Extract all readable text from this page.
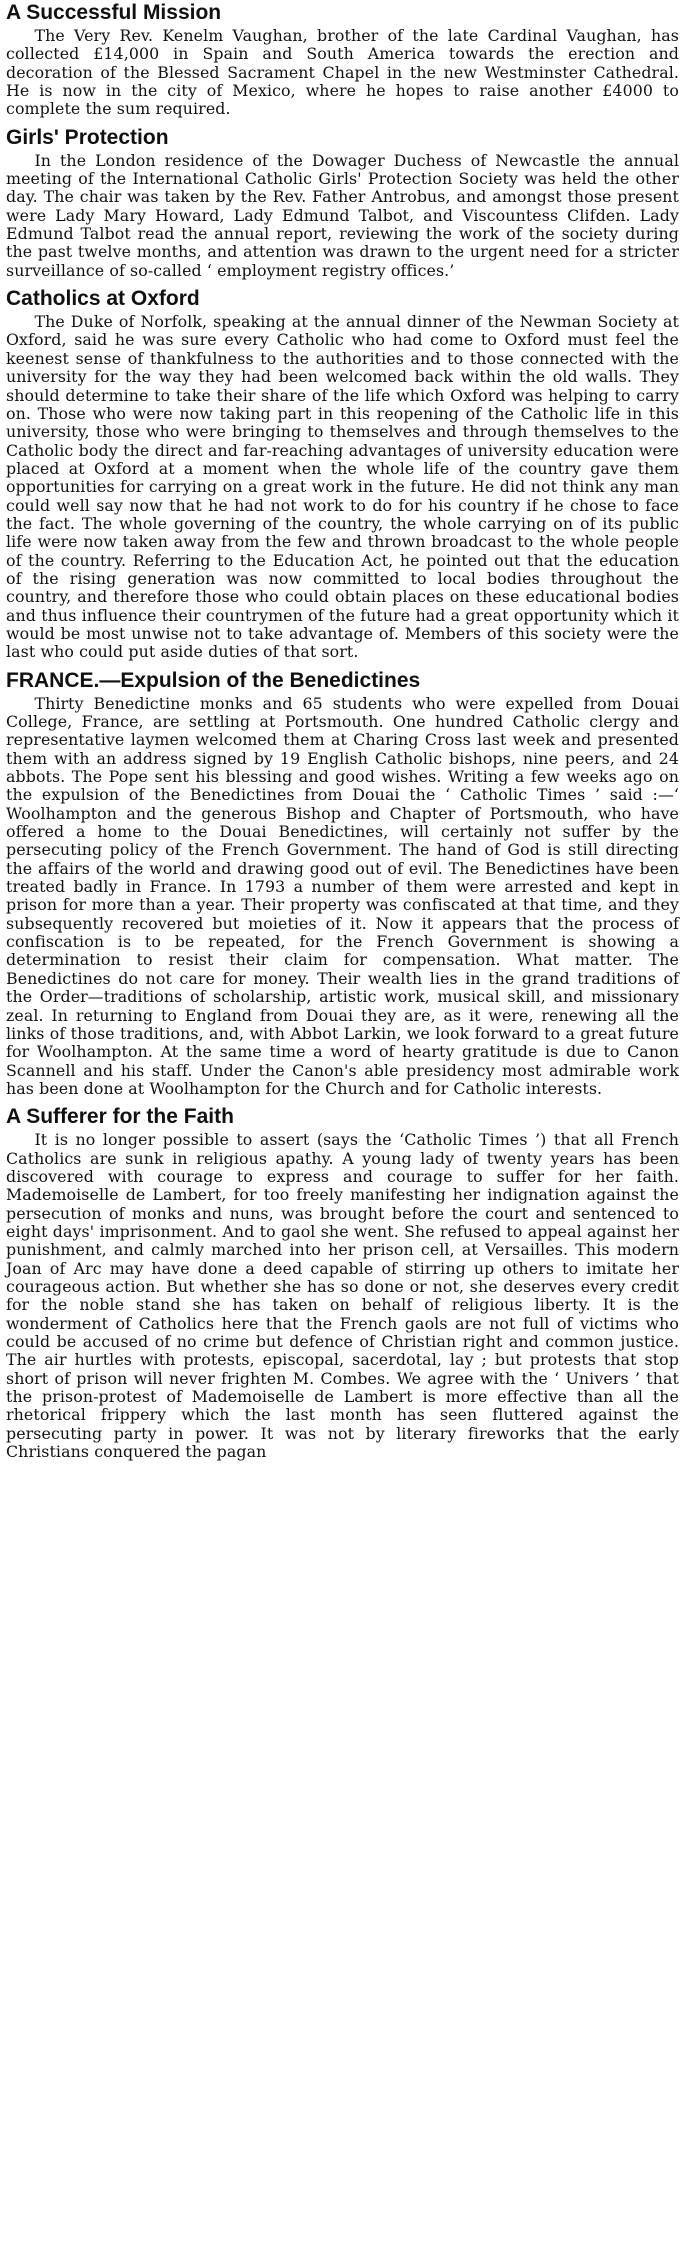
A Successful Mission

The Very Rev. Kenelm Vaughan, brother of the late Cardinal Vaughan, has collected £14,000 in Spain and South America towards the erection and decoration of the Blessed Sacrament Chapel in the new Westminster Cathedral. He is now in the city of Mexico, where he hopes to raise another £4000 to complete the sum required.

Girls' Protection

In the London residence of the Dowager Duchess of Newcastle the annual meeting of the International Catholic Girls' Protection Society was held the other day. The chair was taken by the Rev. Father Antrobus, and amongst those present were Lady Mary Howard, Lady Edmund Talbot, and Viscountess Clifden. Lady Edmund Talbot read the annual report, reviewing the work of the society during the past twelve months, and attention was drawn to the urgent need for a stricter surveillance of so-called ‘ employment registry offices.’

Catholics at Oxford

The Duke of Norfolk, speaking at the annual dinner of the Newman Society at Oxford, said he was sure every Catholic who had come to Oxford must feel the keenest sense of thankfulness to the authorities and to those connected with the university for the way they had been welcomed back within the old walls. They should determine to take their share of the life which Oxford was helping to carry on. Those who were now taking part in this reopening of the Catholic life in this university, those who were bringing to themselves and through themselves to the Catholic body the direct and far-reaching advantages of university education were placed at Oxford at a moment when the whole life of the country gave them opportunities for carrying on a great work in the future. He did not think any man could well say now that he had not work to do for his country if he chose to face the fact. The whole governing of the country, the whole carrying on of its public life were now taken away from the few and thrown broadcast to the whole people of the country. Referring to the Education Act, he pointed out that the education of the rising generation was now committed to local bodies throughout the country, and therefore those who could obtain places on these educational bodies and thus influence their countrymen of the future had a great opportunity which it would be most unwise not to take advantage of. Members of this society were the last who could put aside duties of that sort.

FRANCE.—Expulsion of the Benedictines

Thirty Benedictine monks and 65 students who were expelled from Douai College, France, are settling at Portsmouth. One hundred Catholic clergy and representative laymen welcomed them at Charing Cross last week and presented them with an address signed by 19 English Catholic bishops, nine peers, and 24 abbots. The Pope sent his blessing and good wishes. Writing a few weeks ago on the expulsion of the Benedictines from Douai the ‘ Catholic Times ’ said :—‘ Woolhampton and the generous Bishop and Chapter of Portsmouth, who have offered a home to the Douai Benedictines, will certainly not suffer by the persecuting policy of the French Government. The hand of God is still directing the affairs of the world and drawing good out of evil. The Benedictines have been treated badly in France. In 1793 a number of them were arrested and kept in prison for more than a year. Their property was confiscated at that time, and they subsequently recovered but moieties of it. Now it appears that the process of confiscation is to be repeated, for the French Government is showing a determination to resist their claim for compensation. What matter. The Benedictines do not care for money. Their wealth lies in the grand traditions of the Order—traditions of scholarship, artistic work, musical skill, and missionary zeal. In returning to England from Douai they are, as it were, renewing all the links of those traditions, and, with Abbot Larkin, we look forward to a great future for Woolhampton. At the same time a word of hearty gratitude is due to Canon Scannell and his staff. Under the Canon's able presidency most admirable work has been done at Woolhampton for the Church and for Catholic interests.

A Sufferer for the Faith

It is no longer possible to assert (says the ‘Catholic Times ’) that all French Catholics are sunk in religious apathy. A young lady of twenty years has been discovered with courage to express and courage to suffer for her faith. Mademoiselle de Lambert, for too freely manifesting her indignation against the persecution of monks and nuns, was brought before the court and sentenced to eight days' imprisonment. And to gaol she went. She refused to appeal against her punishment, and calmly marched into her prison cell, at Versailles. This modern Joan of Arc may have done a deed capable of stirring up others to imitate her courageous action. But whether she has so done or not, she deserves every credit for the noble stand she has taken on behalf of religious liberty. It is the wonderment of Catholics here that the French gaols are not full of victims who could be accused of no crime but defence of Christian right and common justice. The air hurtles with protests, episcopal, sacerdotal, lay ; but protests that stop short of prison will never frighten M. Combes. We agree with the ‘ Univers ’ that the prison-protest of Mademoiselle de Lambert is more effective than all the rhetorical frippery which the last month has seen fluttered against the persecuting party in power. It was not by literary fireworks that the early Christians conquered the pagan
